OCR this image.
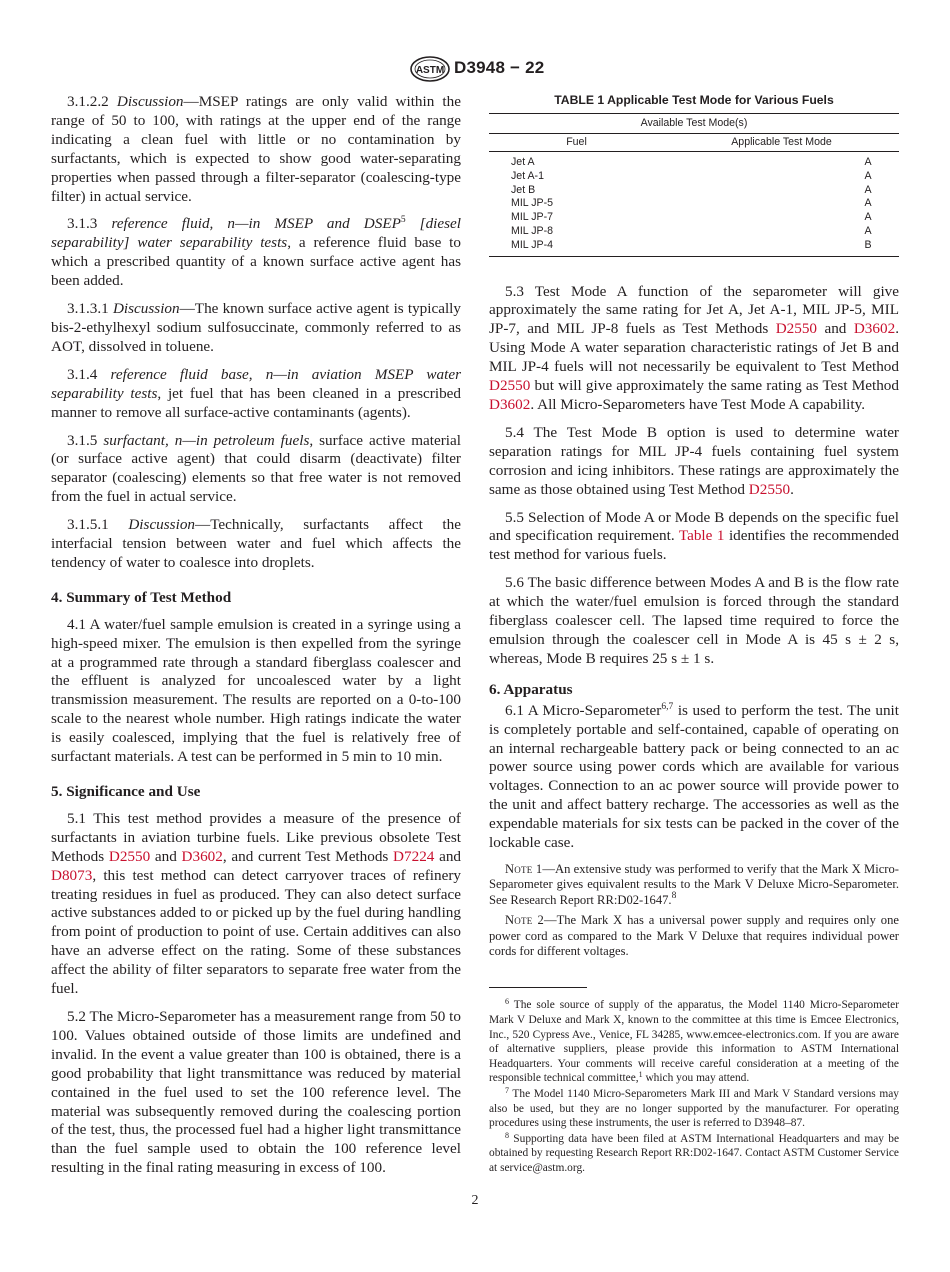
ASTM D3948 − 22

3.1.2.2 Discussion—MSEP ratings are only valid within the range of 50 to 100, with ratings at the upper end of the range indicating a clean fuel with little or no contamination by surfactants, which is expected to show good water-separating properties when passed through a filter-separator (coalescing-type filter) in actual service.

3.1.3 reference fluid, n—in MSEP and DSEP$^5$ [diesel separability] water separability tests, a reference fluid base to which a prescribed quantity of a known surface active agent has been added.

3.1.3.1 Discussion—The known surface active agent is typically bis-2-ethylhexyl sodium sulfosuccinate, commonly referred to as AOT, dissolved in toluene.

3.1.4 reference fluid base, n—in aviation MSEP water separability tests, jet fuel that has been cleaned in a prescribed manner to remove all surface-active contaminants (agents).

3.1.5 surfactant, n—in petroleum fuels, surface active material (or surface active agent) that could disarm (deactivate) filter separator (coalescing) elements so that free water is not removed from the fuel in actual service.

3.1.5.1 Discussion—Technically, surfactants affect the interfacial tension between water and fuel which affects the tendency of water to coalesce into droplets.

4. Summary of Test Method

4.1 A water/fuel sample emulsion is created in a syringe using a high-speed mixer. The emulsion is then expelled from the syringe at a programmed rate through a standard fiberglass coalescer and the effluent is analyzed for uncoalesced water by a light transmission measurement. The results are reported on a 0-to-100 scale to the nearest whole number. High ratings indicate the water is easily coalesced, implying that the fuel is relatively free of surfactant materials. A test can be performed in 5 min to 10 min.

5. Significance and Use

5.1 This test method provides a measure of the presence of surfactants in aviation turbine fuels. Like previous obsolete Test Methods D2550 and D3602, and current Test Methods D7224 and D8073, this test method can detect carryover traces of refinery treating residues in fuel as produced. They can also detect surface active substances added to or picked up by the fuel during handling from point of production to point of use. Certain additives can also have an adverse effect on the rating. Some of these substances affect the ability of filter separators to separate free water from the fuel.

5.2 The Micro-Separometer has a measurement range from 50 to 100. Values obtained outside of those limits are undefined and invalid. In the event a value greater than 100 is obtained, there is a good probability that light transmittance was reduced by material contained in the fuel used to set the 100 reference level. The material was subsequently removed during the coalescing portion of the test, thus, the processed fuel had a higher light transmittance than the fuel sample used to obtain the 100 reference level resulting in the final rating measuring in excess of 100.

TABLE 1 Applicable Test Mode for Various Fuels
Available Test Mode(s)	
Fuel	Applicable Test Mode
Jet A	A
Jet A-1	A
Jet B	A
MIL JP-5	A
MIL JP-7	A
MIL JP-8	A
MIL JP-4	B

5.3 Test Mode A function of the separometer will give approximately the same rating for Jet A, Jet A-1, MIL JP-5, MIL JP-7, and MIL JP-8 fuels as Test Methods D2550 and D3602. Using Mode A water separation characteristic ratings of Jet B and MIL JP-4 fuels will not necessarily be equivalent to Test Method D2550 but will give approximately the same rating as Test Method D3602. All Micro-Separometers have Test Mode A capability.

5.4 The Test Mode B option is used to determine water separation ratings for MIL JP-4 fuels containing fuel system corrosion and icing inhibitors. These ratings are approximately the same as those obtained using Test Method D2550.

5.5 Selection of Mode A or Mode B depends on the specific fuel and specification requirement. Table 1 identifies the recommended test method for various fuels.

5.6 The basic difference between Modes A and B is the flow rate at which the water/fuel emulsion is forced through the standard fiberglass coalescer cell. The lapsed time required to force the emulsion through the coalescer cell in Mode A is 45 s ± 2 s, whereas, Mode B requires 25 s ± 1 s.

6. Apparatus

6.1 A Micro-Separometer$^{6,7}$ is used to perform the test. The unit is completely portable and self-contained, capable of operating on an internal rechargeable battery pack or being connected to an ac power source using power cords which are available for various voltages. Connection to an ac power source will provide power to the unit and affect battery recharge. The accessories as well as the expendable materials for six tests can be packed in the cover of the lockable case.

Note 1—An extensive study was performed to verify that the Mark X Micro-Separometer gives equivalent results to the Mark V Deluxe Micro-Separometer. See Research Report RR:D02-1647.$^8$

Note 2—The Mark X has a universal power supply and requires only one power cord as compared to the Mark V Deluxe that requires individual power cords for different voltages.

$^6$ The sole source of supply of the apparatus, the Model 1140 Micro-Separometer Mark V Deluxe and Mark X, known to the committee at this time is Emcee Electronics, Inc., 520 Cypress Ave., Venice, FL 34285, www.emcee-electronics.com. If you are aware of alternative suppliers, please provide this information to ASTM International Headquarters. Your comments will receive careful consideration at a meeting of the responsible technical committee,$^1$ which you may attend.

$^7$ The Model 1140 Micro-Separometers Mark III and Mark V Standard versions may also be used, but they are no longer supported by the manufacturer. For operating procedures using these instruments, the user is referred to D3948–87.

$^8$ Supporting data have been filed at ASTM International Headquarters and may be obtained by requesting Research Report RR:D02-1647. Contact ASTM Customer Service at service@astm.org.

2
